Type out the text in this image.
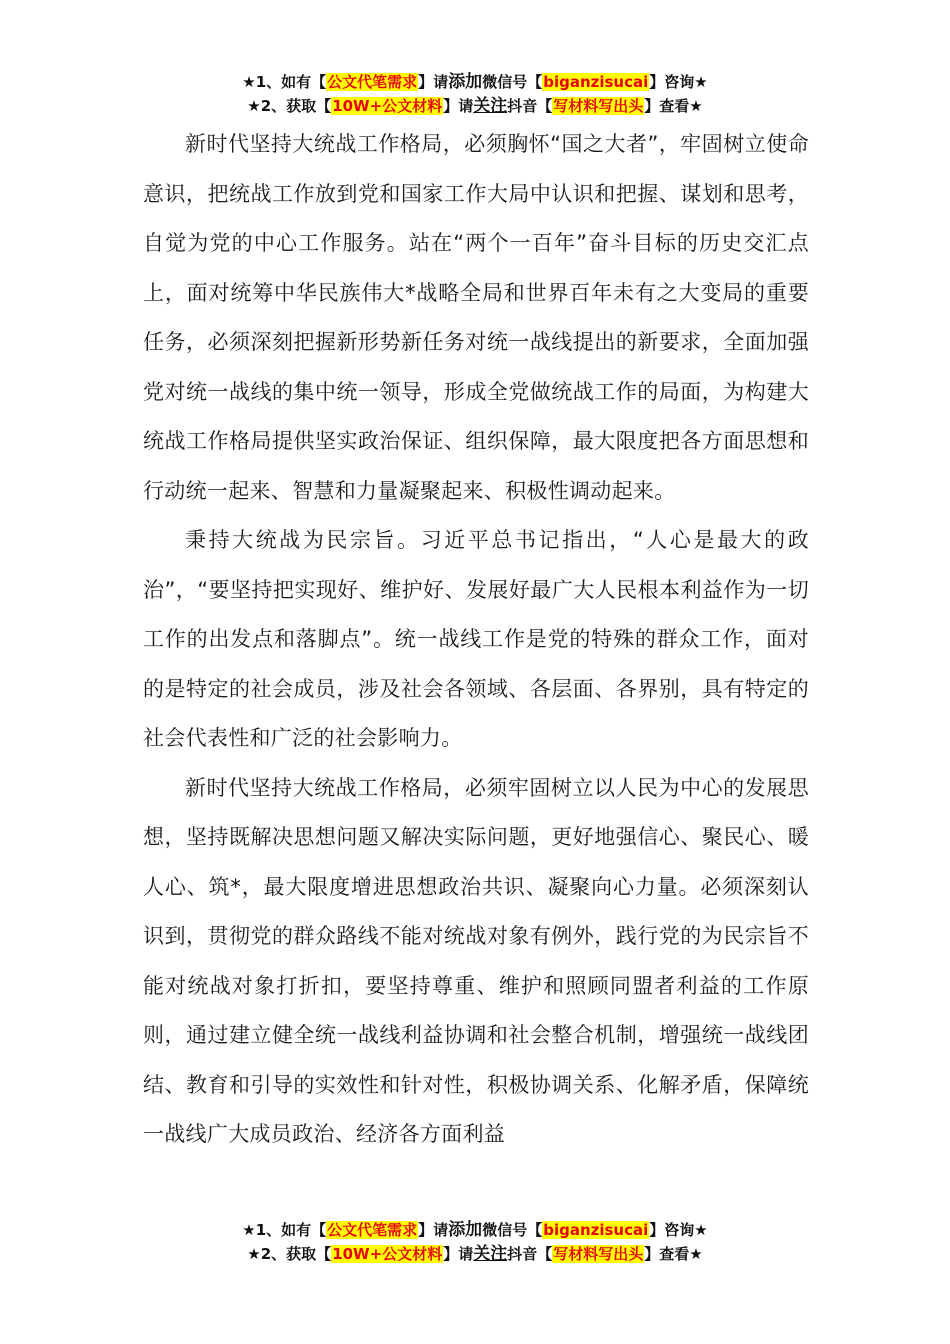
★1、如有【公文代笔需求】请添加微信号【biganzisucai】咨询★
★2、获取【10W+公文材料】请关注抖音【写材料写出头】查看★

新时代坚持大统战工作格局，必须胸怀“国之大者”，牢固树立使命意识，把统战工作放到党和国家工作大局中认识和把握、谋划和思考，自觉为党的中心工作服务。站在“两个一百年”奋斗目标的历史交汇点上，面对统筹中华民族伟大*战略全局和世界百年未有之大变局的重要任务，必须深刻把握新形势新任务对统一战线提出的新要求，全面加强党对统一战线的集中统一领导，形成全党做统战工作的局面，为构建大统战工作格局提供坚实政治保证、组织保障，最大限度把各方面思想和行动统一起来、智慧和力量凝聚起来、积极性调动起来。

秉持大统战为民宗旨。习近平总书记指出，“人心是最大的政治”，“要坚持把实现好、维护好、发展好最广大人民根本利益作为一切工作的出发点和落脚点”。统一战线工作是党的特殊的群众工作，面对的是特定的社会成员，涉及社会各领域、各层面、各界别，具有特定的社会代表性和广泛的社会影响力。

新时代坚持大统战工作格局，必须牢固树立以人民为中心的发展思想，坚持既解决思想问题又解决实际问题，更好地强信心、聚民心、暖人心、筑*，最大限度增进思想政治共识、凝聚向心力量。必须深刻认识到，贯彻党的群众路线不能对统战对象有例外，践行党的为民宗旨不能对统战对象打折扣，要坚持尊重、维护和照顾同盟者利益的工作原则，通过建立健全统一战线利益协调和社会整合机制，增强统一战线团结、教育和引导的实效性和针对性，积极协调关系、化解矛盾，保障统一战线广大成员政治、经济各方面利益

★1、如有【公文代笔需求】请添加微信号【biganzisucai】咨询★
★2、获取【10W+公文材料】请关注抖音【写材料写出头】查看★
